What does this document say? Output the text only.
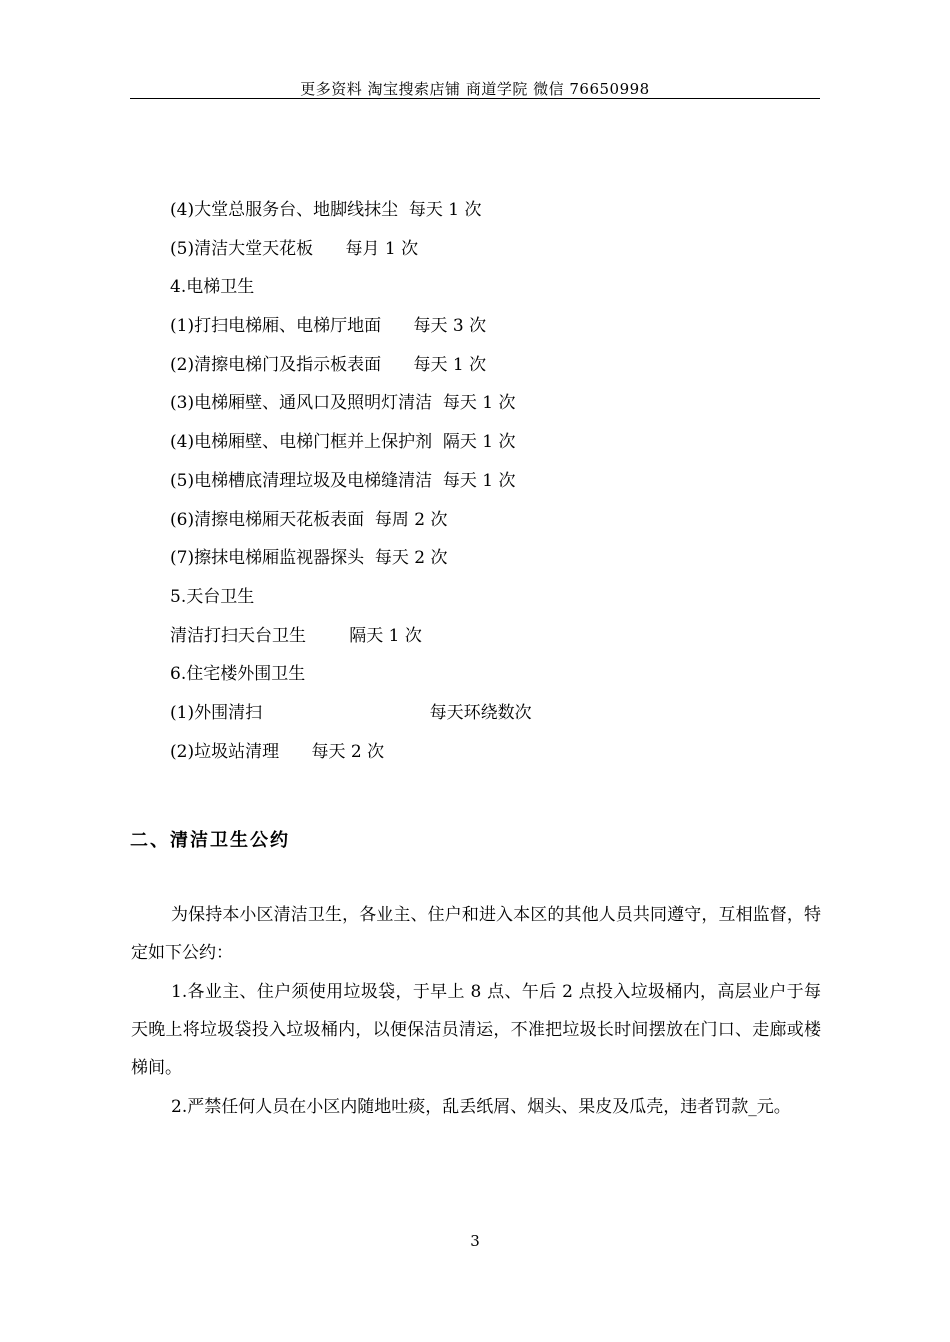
更多资料 淘宝搜索店铺 商道学院 微信 76650998
(4)大堂总服务台、地脚线抹尘  每天 1 次
(5)清洁大堂天花板      每月 1 次
4.电梯卫生
(1)打扫电梯厢、电梯厅地面      每天 3 次
(2)清擦电梯门及指示板表面      每天 1 次
(3)电梯厢壁、通风口及照明灯清洁  每天 1 次
(4)电梯厢壁、电梯门框并上保护剂  隔天 1 次
(5)电梯槽底清理垃圾及电梯缝清洁  每天 1 次
(6)清擦电梯厢天花板表面  每周 2 次
(7)擦抹电梯厢监视器探头  每天 2 次
5.天台卫生
清洁打扫天台卫生        隔天 1 次
6.住宅楼外围卫生
(1)外围清扫                               每天环绕数次
(2)垃圾站清理      每天 2 次
二、清洁卫生公约

为保持本小区清洁卫生，各业主、住户和进入本区的其他人员共同遵守，互相监督，特定如下公约：

1.各业主、住户须使用垃圾袋，于早上 8 点、午后 2 点投入垃圾桶内，高层业户于每天晚上将垃圾袋投入垃圾桶内，以便保洁员清运，不准把垃圾长时间摆放在门口、走廊或楼梯间。

2.严禁任何人员在小区内随地吐痰，乱丢纸屑、烟头、果皮及瓜壳，违者罚款_元。

3
